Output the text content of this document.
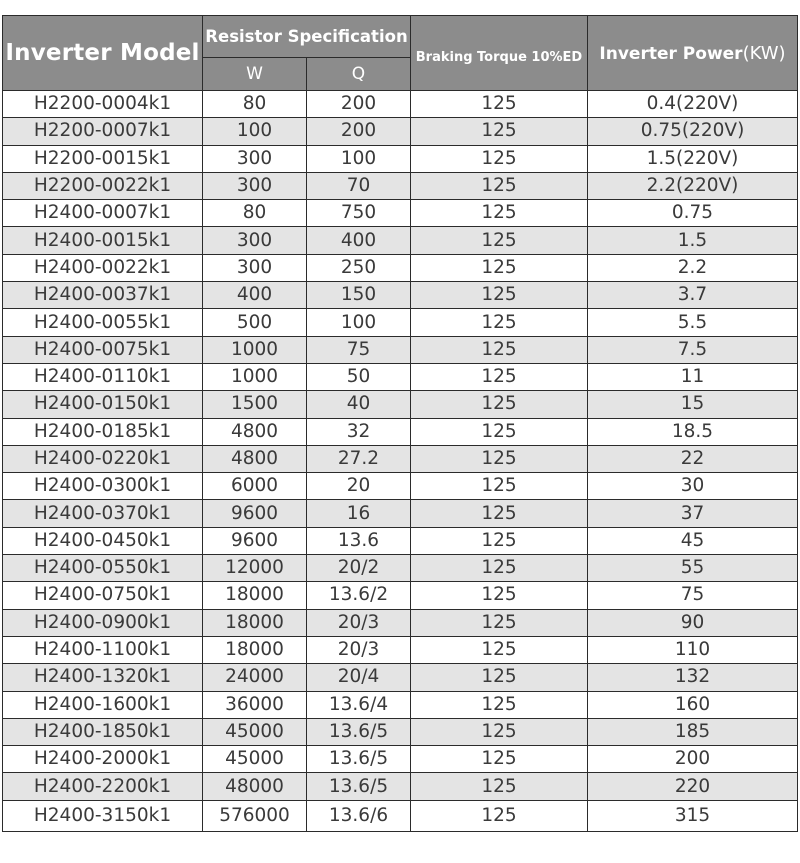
Inverter Model	Resistor Specification		Braking Torque 10%ED	Inverter Power(KW)
	W	Q		
H2200-0004k1	80	200	125	0.4(220V)
H2200-0007k1	100	200	125	0.75(220V)
H2200-0015k1	300	100	125	1.5(220V)
H2200-0022k1	300	70	125	2.2(220V)
H2400-0007k1	80	750	125	0.75
H2400-0015k1	300	400	125	1.5
H2400-0022k1	300	250	125	2.2
H2400-0037k1	400	150	125	3.7
H2400-0055k1	500	100	125	5.5
H2400-0075k1	1000	75	125	7.5
H2400-0110k1	1000	50	125	11
H2400-0150k1	1500	40	125	15
H2400-0185k1	4800	32	125	18.5
H2400-0220k1	4800	27.2	125	22
H2400-0300k1	6000	20	125	30
H2400-0370k1	9600	16	125	37
H2400-0450k1	9600	13.6	125	45
H2400-0550k1	12000	20/2	125	55
H2400-0750k1	18000	13.6/2	125	75
H2400-0900k1	18000	20/3	125	90
H2400-1100k1	18000	20/3	125	110
H2400-1320k1	24000	20/4	125	132
H2400-1600k1	36000	13.6/4	125	160
H2400-1850k1	45000	13.6/5	125	185
H2400-2000k1	45000	13.6/5	125	200
H2400-2200k1	48000	13.6/5	125	220
H2400-3150k1	576000	13.6/6	125	315
